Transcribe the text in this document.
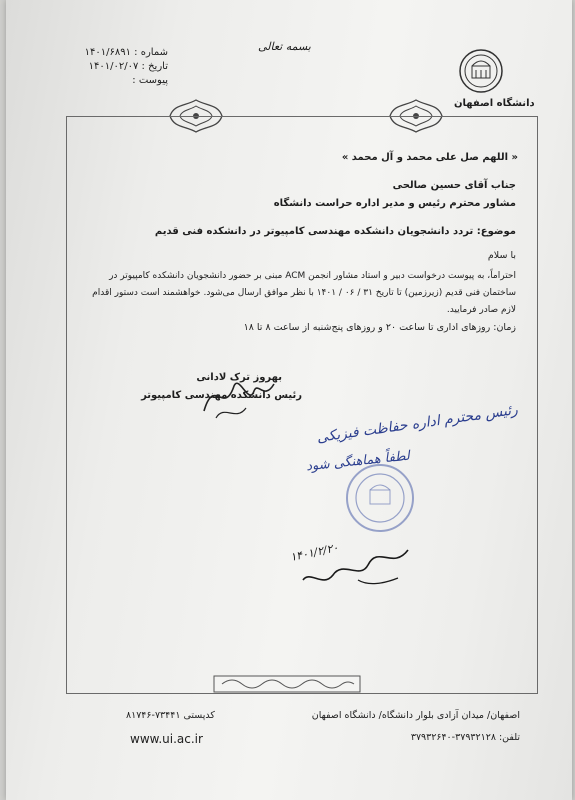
بسمه تعالی
شماره : ۱۴۰۱/۶۸۹۱
تاریخ : ۱۴۰۱/۰۲/۰۷
پیوست :
دانشگاه اصفهان
« اللهم صل علی محمد و آل محمد »
جناب آقای حسین صالحی
مشاور محترم رئیس و مدیر اداره حراست دانشگاه
موضوع: تردد دانشجویان دانشکده مهندسی کامپیوتر در دانشکده فنی قدیم
با سلام
احتراماً، به پیوست درخواست دبیر و استاد مشاور انجمن ACM مبنی بر حضور دانشجویان دانشکده کامپیوتر در
ساختمان فنی قدیم (زیرزمین) تا تاریخ ۳۱ / ۰۶ / ۱۴۰۱ با نظر موافق ارسال می‌شود. خواهشمند است دستور اقدام
لازم صادر فرمایید.
زمان: روزهای اداری تا ساعت ۲۰ و روزهای پنج‌شنبه از ساعت ۸ تا ۱۸
بهروز ترک لادانی
رئیس دانشکده مهندسی کامپیوتر
رئیس محترم اداره حفاظت فیزیکی
لطفاً هماهنگی شود
۱۴۰۱/۲/۲۰
اصفهان/ میدان آزادی بلوار دانشگاه/ دانشگاه اصفهان
۸۱۷۴۶-۷۳۴۴۱ کدپستی
تلفن: ۳۷۹۳۲۱۲۸-۳۷۹۳۲۶۴۰
www.ui.ac.ir
